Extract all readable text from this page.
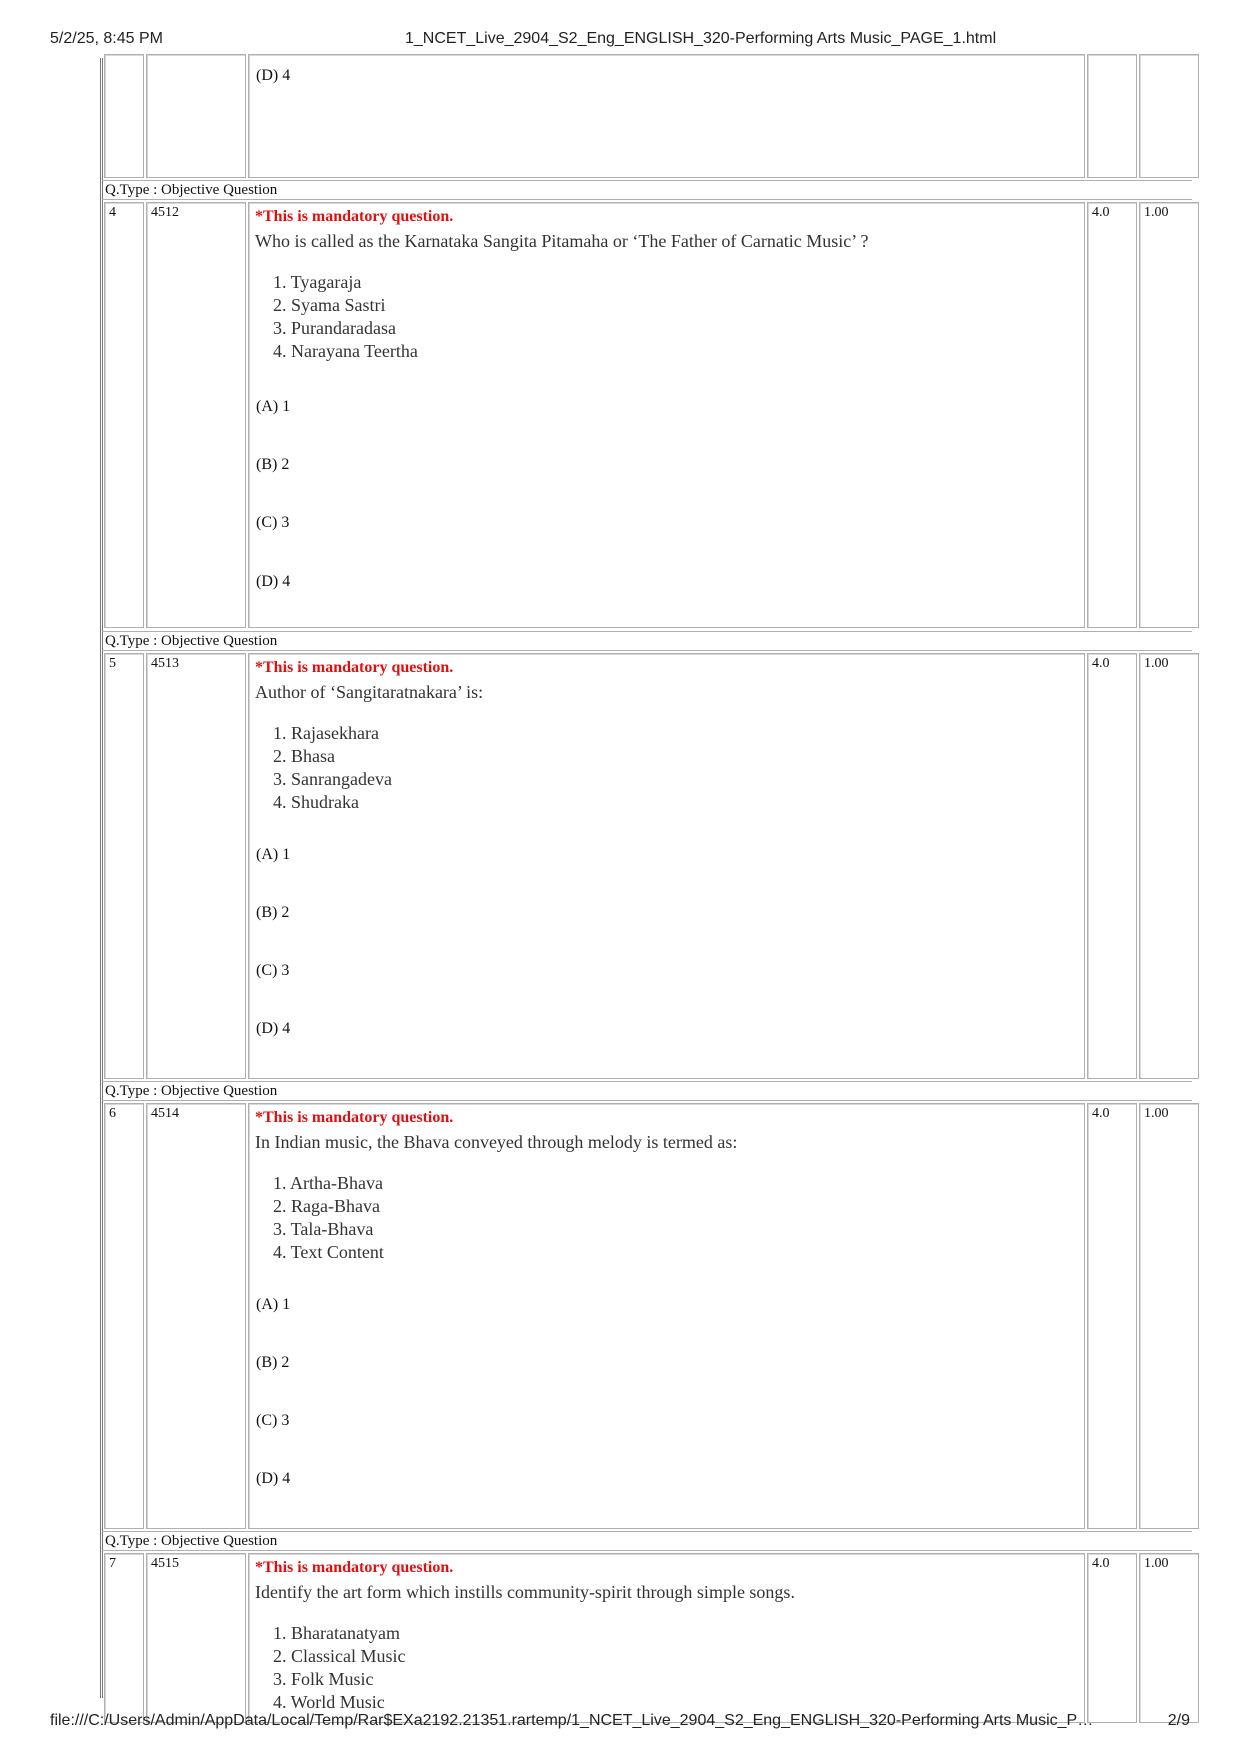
5/2/25, 8:45 PM	1_NCET_Live_2904_S2_Eng_ENGLISH_320-Performing Arts Music_PAGE_1.html
(D) 4
Q.Type : Objective Question
4	4512	*This is mandatory question.
Who is called as the Karnataka Sangita Pitamaha or ‘The Father of Carnatic Music’ ?
1. Tyagaraja
2. Syama Sastri
3. Purandaradasa
4. Narayana Teertha
(A) 1
(B) 2
(C) 3
(D) 4
4.0	1.00
Q.Type : Objective Question
5	4513	*This is mandatory question.
Author of ‘Sangitaratnakara’ is:
1. Rajasekhara
2. Bhasa
3. Sanrangadeva
4. Shudraka
(A) 1
(B) 2
(C) 3
(D) 4
4.0	1.00
Q.Type : Objective Question
6	4514	*This is mandatory question.
In Indian music, the Bhava conveyed through melody is termed as:
1. Artha-Bhava
2. Raga-Bhava
3. Tala-Bhava
4. Text Content
(A) 1
(B) 2
(C) 3
(D) 4
4.0	1.00
Q.Type : Objective Question
7	4515	*This is mandatory question.
Identify the art form which instills community-spirit through simple songs.
1. Bharatanatyam
2. Classical Music
3. Folk Music
4. World Music
4.0	1.00
file:///C:/Users/Admin/AppData/Local/Temp/Rar$EXa2192.21351.rartemp/1_NCET_Live_2904_S2_Eng_ENGLISH_320-Performing Arts Music_P…	2/9
